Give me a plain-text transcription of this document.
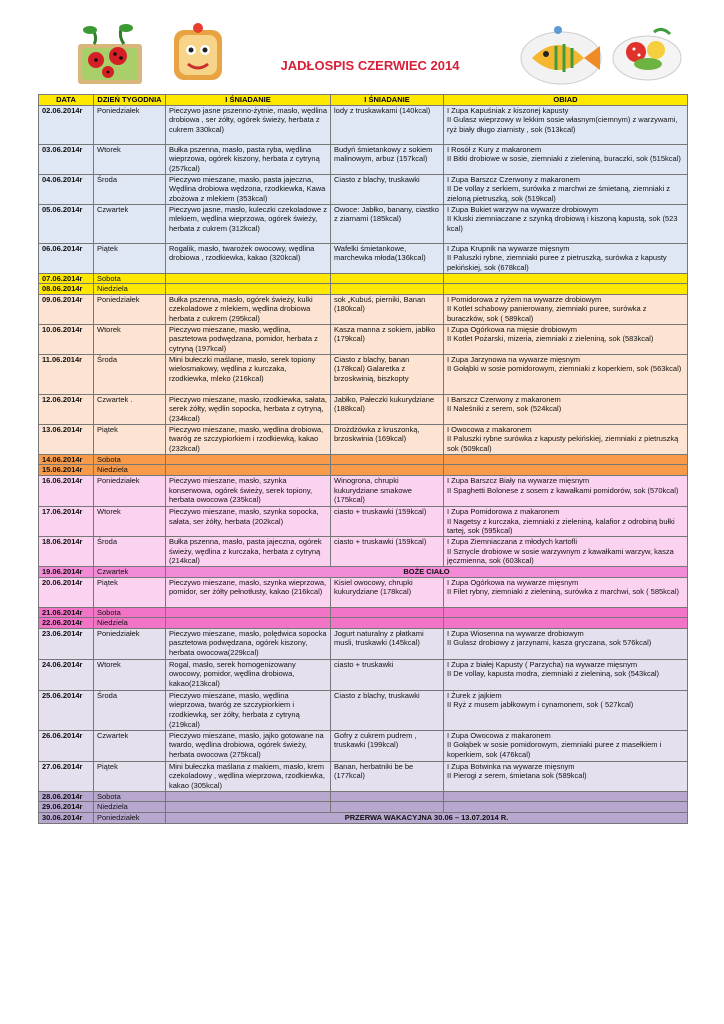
JADŁOSPIS CZERWIEC 2014
DATA	DZIEŃ TYGODNIA	I ŚNIADANIE	I ŚNIADANIE	OBIAD
02.06.2014r	Poniedziałek	Pieczywo jasne pszenno-żytnie, masło, wędlina drobiowa , ser żółty, ogórek świeży, herbata z cukrem 330kcal)	lody z truskawkami (140kcal)	I Zupa Kapuśniak z kiszonej kapusty
II Gulasz wieprzowy w lekkim sosie własnym(ciemnym) z warzywami, ryż biały długo ziarnisty , sok (513kcal)

03.06.2014r	Wtorek	Bułka pszenna, masło, pasta ryba, wędlina wieprzowa, ogórek kiszony, herbata z cytryną (257kcal)	Budyń śmietankowy z sokiem malinowym, arbuz (157kcal)	I Rosół z Kury z makaronem
II Bitki drobiowe w sosie, ziemniaki z zieleniną, buraczki, sok (515kcal)

04.06.2014r	Środa	Pieczywo mieszane, masło, pasta jajeczna, Wędlina drobiowa wędzona, rzodkiewka, Kawa zbożowa z mlekiem (353kcal)	Ciasto z blachy, truskawki	I Zupa Barszcz Czerwony z makaronem
II De vollay z serkiem, surówka z marchwi ze śmietaną, ziemniaki z zieloną pietruszką, sok (519kcal)

05.06.2014r	Czwartek	Pieczywo jasne, masło, kuleczki czekoladowe z mlekiem, wędlina wieprzowa, ogórek świeży, herbata z cukrem (312kcal)	Owoce: Jabłko, banany, ciastko z ziarnami (185kcal)	I Zupa Bukiet warzyw na wywarze drobiowym
II Kluski ziemniaczane z szynką drobiową i kiszoną kapustą, sok (523 kcal)

06.06.2014r	Piątek	Rogalik, masło, twarożek owocowy, wędlina drobiowa , rzodkiewka, kakao (320kcal)	Wafelki śmietankowe, marchewka młoda(136kcal)	I Zupa Krupnik na wywarze mięsnym
II Paluszki rybne, ziemniaki puree z pietruszką, surówka z kapusty pekińskiej, sok (678kcal)

07.06.2014r	Sobota			
08.06.2014r	Niedziela			
09.06.2014r	Poniedziałek	Bułka pszenna, masło, ogórek świeży, kulki czekoladowe z mlekiem, wędlina drobiowa herbata z cukrem (295kcal)	sok „Kubuś, pierniki, Banan (180kcal)	I Pomidorowa z ryżem na wywarze drobiowym
II Kotlet schabowy panierowany, ziemniaki puree, surówka z buraczków, sok ( 589kcal)

10.06.2014r	Wtorek	Pieczywo mieszane, masło, wędlina, pasztetowa podwędzana, pomidor, herbata z cytryną (197kcal)	Kasza manna z sokiem, jabłko (179kcal)	I Zupa Ogórkowa na mięsie drobiowym
II Kotlet Pożarski, mizeria, ziemniaki z zieleniną, sok (583kcal)

11.06.2014r	Środa	Mini bułeczki maślane, masło, serek topiony wielosmakowy, wędlina z kurczaka, rzodkiewka, mleko (216kcal)	Ciasto z blachy, banan (178kcal) Galaretka z brzoskwinią, biszkopty	I Zupa Jarzynowa na wywarze mięsnym
II Gołąbki w sosie pomidorowym, ziemniaki z koperkiem, sok (563kcal)

12.06.2014r	Czwartek .	Pieczywo mieszane, masło, rzodkiewka, sałata, serek żółty, wędlin sopocka, herbata z cytryną, (234kcal)	Jabłko, Pałeczki kukurydziane (188kcal)	I Barszcz Czerwony z makaronem
II Naleśniki z serem, sok (524kcal)

13.06.2014r	Piątek	Pieczywo mieszane, masło, wędlina drobiowa, twaróg ze szczypiorkiem i rzodkiewką, kakao (232kcal)	Drożdżówka z kruszonką, brzoskwinia (169kcal)	I Owocowa z makaronem
II Paluszki rybne surówka z kapusty pekińskiej, ziemniaki z pietruszką sok (509kcal)

14.06.2014r	Sobota			
15.06.2014r	Niedziela			
16.06.2014r	Poniedziałek	Pieczywo mieszane, masło, szynka konserwowa, ogórek świeży, serek topiony, herbata owocowa (235kcal)	Winogrona, chrupki kukurydziane smakowe (175kcal)	I Zupa Barszcz Biały na wywarze mięsnym
II Spaghetti Bolonese z sosem z kawałkami pomidorów, sok (570kcal)

17.06.2014r	Wtorek	Pieczywo mieszane, masło, szynka sopocka, sałata, ser żółty, herbata (202kcal)	ciasto + truskawki (159kcal)	I Zupa Pomidorowa z makaronem
II Nagetsy z kurczaka, ziemniaki z zieleniną, kalafior z odrobiną bułki tartej, sok (595kcal)

18.06.2014r	Środa	Bułka pszenna, masło, pasta jajeczna, ogórek świeży, wędlina z kurczaka, herbata z cytryną (214kcal)	ciasto + truskawki (159kcal)	I Zupa Ziemniaczana z młodych kartofli
II Sznycle drobiowe w sosie warzywnym z kawałkami warzyw, kasza jęczmienna, sok (603kcal)

19.06.2014r	Czwartek	BOŻE CIAŁO		
20.06.2014r	Piątek	Pieczywo mieszane, masło, szynka wieprzowa, pomidor, ser żółty pełnotłusty, kakao (216kcal)	Kisiel owocowy, chrupki kukurydziane (178kcal)	I Zupa Ogórkowa na wywarze mięsnym
II Filet rybny, ziemniaki z zieleniną, surówka z marchwi, sok ( 585kcal)

21.06.2014r	Sobota			
22.06.2014r	Niedziela			
23.06.2014r	Poniedziałek	Pieczywo mieszane, masło, polędwica sopocka pasztetowa podwędzana, ogórek kiszony, herbata owocowa(229kcal)	Jogurt naturalny z płatkami musli, truskawki (145kcal)	I Zupa Wiosenna na wywarze drobiowym
II Gulasz drobiowy z jarzynami, kasza gryczana, sok 576kcal)

24.06.2014r	Wtorek	Rogal, masło, serek homogenizowany owocowy, pomidor, wędlina drobiowa, kakao(213kcal)	ciasto + truskawki	I Zupa z białej Kapusty ( Parzycha) na wywarze mięsnym
II De vollay, kapusta modra, ziemniaki z zieleniną, sok (543kcal)

25.06.2014r	Środa	Pieczywo mieszane, masło, wędlina wieprzowa, twaróg ze szczypiorkiem i rzodkiewką, ser żółty, herbata z cytryną (219kcal)	Ciasto z blachy, truskawki	I Żurek z jajkiem
II Ryż z musem jabłkowym i cynamonem, sok ( 527kcal)

26.06.2014r	Czwartek	Pieczywo mieszane, masło, jajko gotowane na twardo, wędlina drobiowa, ogórek świeży, herbata owocowa (275kcal)	Gofry z cukrem pudrem , truskawki (199kcal)	I Zupa Owocowa z makaronem
II Gołąbek w sosie pomidorowym, ziemniaki puree z masełkiem i koperkiem, sok (476kcal)

27.06.2014r	Piątek	Mini bułeczka maślana z makiem, masło, krem czekoladowy , wędlina wieprzowa, rzodkiewka, kakao (305kcal)	Banan, herbatniki be be (177kcal)	I Zupa Botwinka na wywarze mięsnym
II Pierogi z serem, śmietana sok (589kcal)

28.06.2014r	Sobota			
29.06.2014r	Niedziela			
30.06.2014r	Poniedziałek	PRZERWA WAKACYJNA 30.06 – 13.07.2014 R.		
